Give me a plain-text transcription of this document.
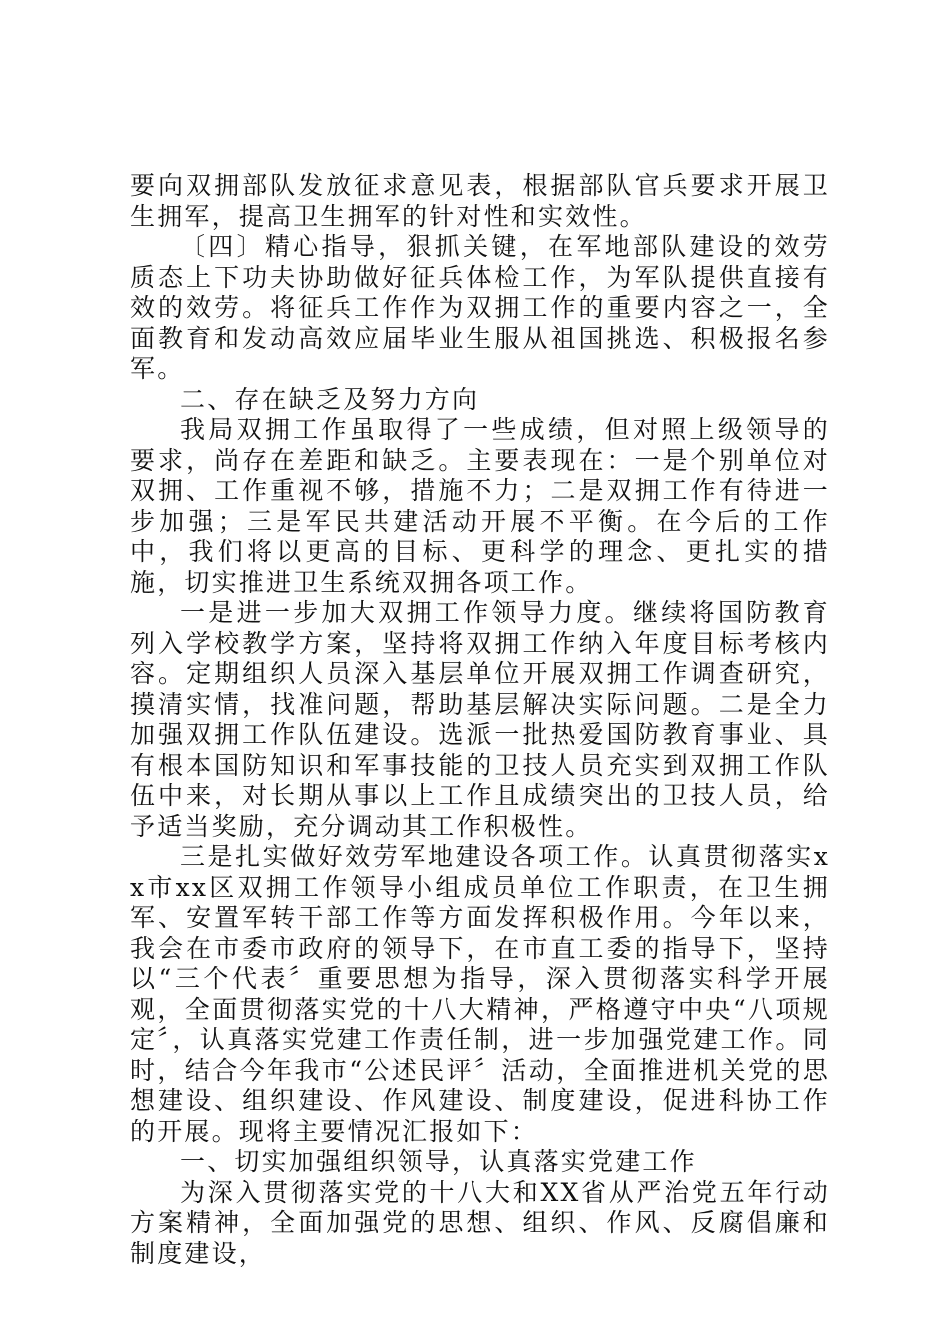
要向双拥部队发放征求意见表，根据部队官兵要求开展卫生拥军，提高卫生拥军的针对性和实效性。

〔四〕精心指导，狠抓关键，在军地部队建设的效劳质态上下功夫协助做好征兵体检工作，为军队提供直接有效的效劳。将征兵工作作为双拥工作的重要内容之一，全面教育和发动高效应届毕业生服从祖国挑选、积极报名参军。

二、存在缺乏及努力方向

我局双拥工作虽取得了一些成绩，但对照上级领导的要求，尚存在差距和缺乏。主要表现在：一是个别单位对双拥、工作重视不够，措施不力；二是双拥工作有待进一步加强；三是军民共建活动开展不平衡。在今后的工作中，我们将以更高的目标、更科学的理念、更扎实的措施，切实推进卫生系统双拥各项工作。

一是进一步加大双拥工作领导力度。继续将国防教育列入学校教学方案，坚持将双拥工作纳入年度目标考核内容。定期组织人员深入基层单位开展双拥工作调查研究，摸清实情，找准问题，帮助基层解决实际问题。二是全力加强双拥工作队伍建设。选派一批热爱国防教育事业、具有根本国防知识和军事技能的卫技人员充实到双拥工作队伍中来，对长期从事以上工作且成绩突出的卫技人员，给予适当奖励，充分调动其工作积极性。

三是扎实做好效劳军地建设各项工作。认真贯彻落实xx市xx区双拥工作领导小组成员单位工作职责，在卫生拥军、安置军转干部工作等方面发挥积极作用。今年以来，我会在市委市政府的领导下，在市直工委的指导下，坚持以“三个代表〞重要思想为指导，深入贯彻落实科学开展观，全面贯彻落实党的十八大精神，严格遵守中央“八项规定〞，认真落实党建工作责任制，进一步加强党建工作。同时，结合今年我市“公述民评〞活动，全面推进机关党的思想建设、组织建设、作风建设、制度建设，促进科协工作的开展。现将主要情况汇报如下：

一、切实加强组织领导，认真落实党建工作

为深入贯彻落实党的十八大和XX省从严治党五年行动方案精神，全面加强党的思想、组织、作风、反腐倡廉和制度建设，
